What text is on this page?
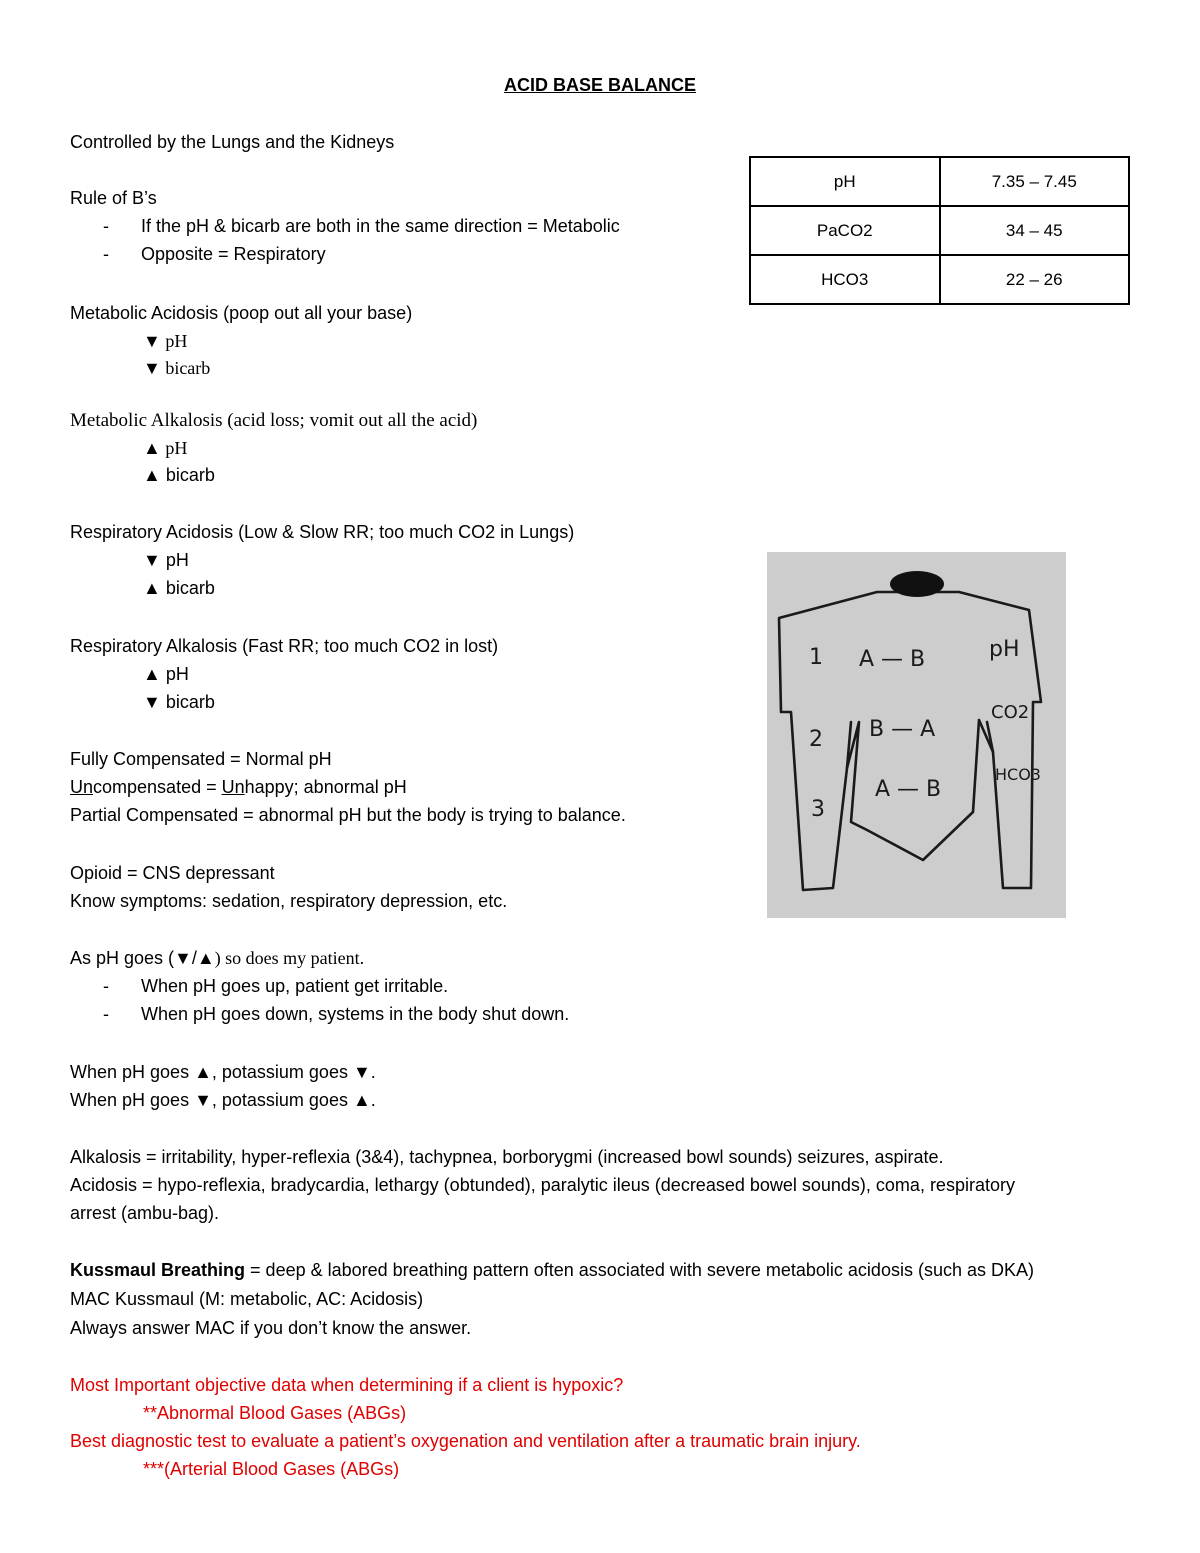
ACID BASE BALANCE
Controlled by the Lungs and the Kidneys
Rule of B’s
- If the pH & bicarb are both in the same direction = Metabolic
- Opposite = Respiratory
Metabolic Acidosis (poop out all your base)
▼ pH
▼ bicarb
Metabolic Alkalosis (acid loss; vomit out all the acid)
▲ pH
▲ bicarb
Respiratory Acidosis (Low & Slow RR; too much CO2 in Lungs)
▼ pH
▲ bicarb
Respiratory Alkalosis (Fast RR; too much CO2 in lost)
▲ pH
▼ bicarb
Fully Compensated = Normal pH
Uncompensated = Unhappy; abnormal pH
Partial Compensated = abnormal pH but the body is trying to balance.
Opioid = CNS depressant
Know symptoms: sedation, respiratory depression, etc.
As pH goes (▼/▲) so does my patient.
- When pH goes up, patient get irritable.
- When pH goes down, systems in the body shut down.
When pH goes ▲, potassium goes ▼.
When pH goes ▼, potassium goes ▲.
Alkalosis = irritability, hyper-reflexia (3&4), tachypnea, borborygmi (increased bowl sounds) seizures, aspirate.
Acidosis = hypo-reflexia, bradycardia, lethargy (obtunded), paralytic ileus (decreased bowel sounds), coma, respiratory
arrest (ambu-bag).
Kussmaul Breathing = deep & labored breathing pattern often associated with severe metabolic acidosis (such as DKA)
MAC Kussmaul (M: metabolic, AC: Acidosis)
Always answer MAC if you don’t know the answer.
Most Important objective data when determining if a client is hypoxic?
**Abnormal Blood Gases (ABGs)
Best diagnostic test to evaluate a patient’s oxygenation and ventilation after a traumatic brain injury.
***(Arterial Blood Gases (ABGs)
pH	7.35 – 7.45
PaCO2	34 – 45
HCO3	22 – 26
1 A — B	pH
2 B — A
CO2
3
A — B
HCO3
